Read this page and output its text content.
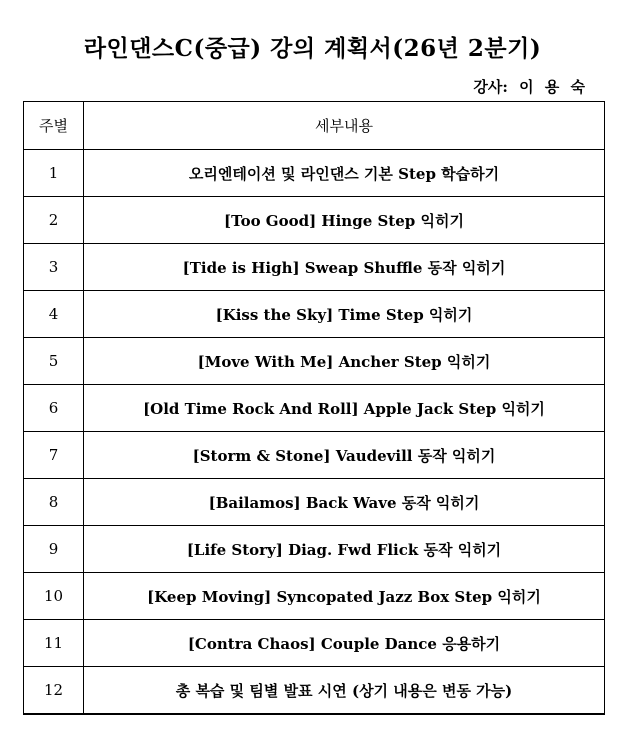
라인댄스C(중급) 강의 계획서(26년 2분기)
강사: 이 용 숙
주별	세부내용
1	오리엔테이션 및 라인댄스 기본 Step 학습하기
2	[Too Good] Hinge Step 익히기
3	[Tide is High] Sweap Shuffle 동작 익히기
4	[Kiss the Sky] Time Step 익히기
5	[Move With Me] Ancher Step 익히기
6	[Old Time Rock And Roll] Apple Jack Step 익히기
7	[Storm & Stone] Vaudevill 동작 익히기
8	[Bailamos] Back Wave 동작 익히기
9	[Life Story] Diag. Fwd Flick 동작 익히기
10	[Keep Moving] Syncopated Jazz Box Step 익히기
11	[Contra Chaos] Couple Dance 응용하기
12	총 복습 및 팀별 발표 시연 (상기 내용은 변동 가능)
